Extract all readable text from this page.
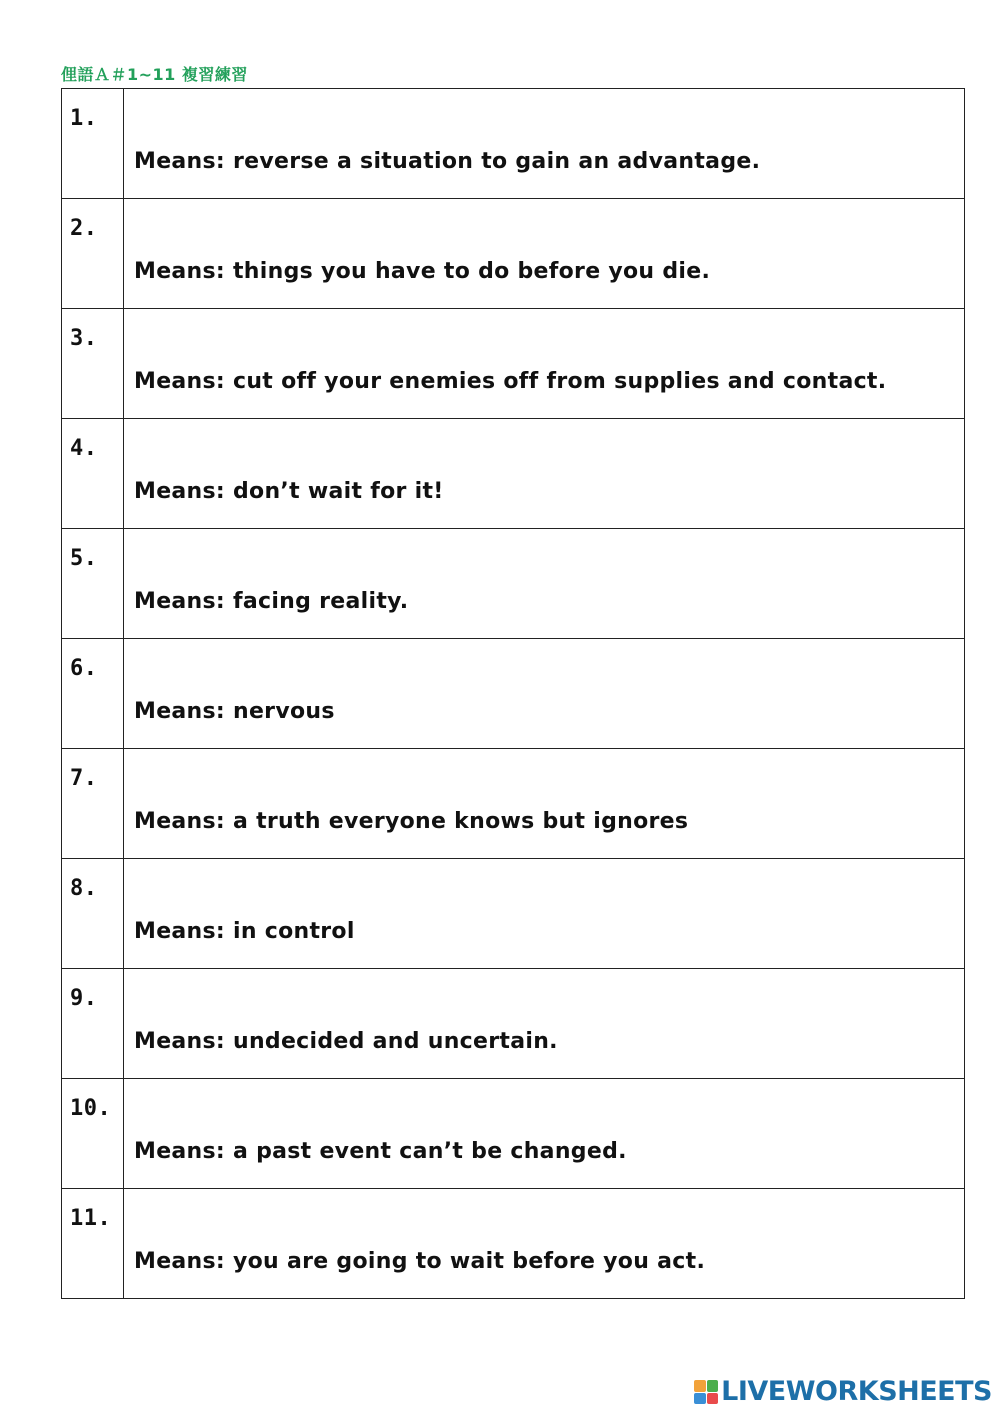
俚語Ａ＃1~11 複習練習
1.	Means: reverse a situation to gain an advantage.

2.	Means: things you have to do before you die.

3.	Means: cut off your enemies off from supplies and contact.

4.	Means: don’t wait for it!

5.	Means: facing reality.

6.	Means: nervous

7.	Means: a truth everyone knows but ignores

8.	Means: in control

9.	Means: undecided and uncertain.

10.	Means: a past event can’t be changed.

11.	Means: you are going to wait before you act.
LIVEWORKSHEETS
